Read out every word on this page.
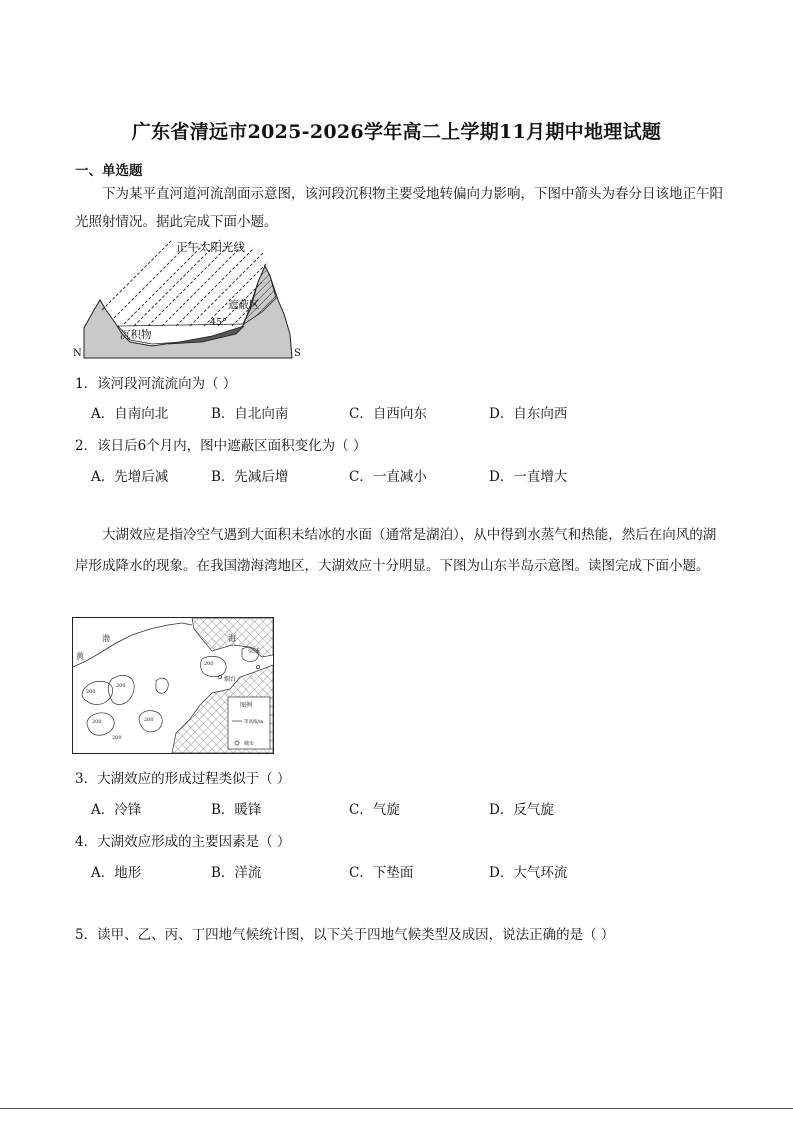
广东省清远市2025-2026学年高二上学期11月期中地理试题
一、单选题
下为某平直河道河流剖面示意图，该河段沉积物主要受地转偏向力影响，下图中箭头为春分日该地正午阳光照射情况。据此完成下面小题。
正午太阳光线
遮蔽区
45°
沉积物
N	S
1．该河段河流流向为（ ）
A．自南向北	B．自北向南	C．自西向东	D．自东向西
2．该日后6个月内，图中遮蔽区面积变化为（ ）
A．先增后减	B．先减后增	C．一直减小	D．一直增大
大湖效应是指冷空气遇到大面积未结冰的水面（通常是湖泊），从中得到水蒸气和热能，然后在向风的湖岸形成降水的现象。在我国渤海湾地区，大湖效应十分明显。下图为山东半岛示意图。读图完成下面小题。
渤
黄
海
烟台
荣成
图例
等高线/m
城市
200
200
200	200
200
200
3．大湖效应的形成过程类似于（ ）
A．冷锋	B．暖锋	C．气旋	D．反气旋
4．大湖效应形成的主要因素是（ ）
A．地形	B．洋流	C．下垫面	D．大气环流
5．读甲、乙、丙、丁四地气候统计图，以下关于四地气候类型及成因，说法正确的是（ ）
